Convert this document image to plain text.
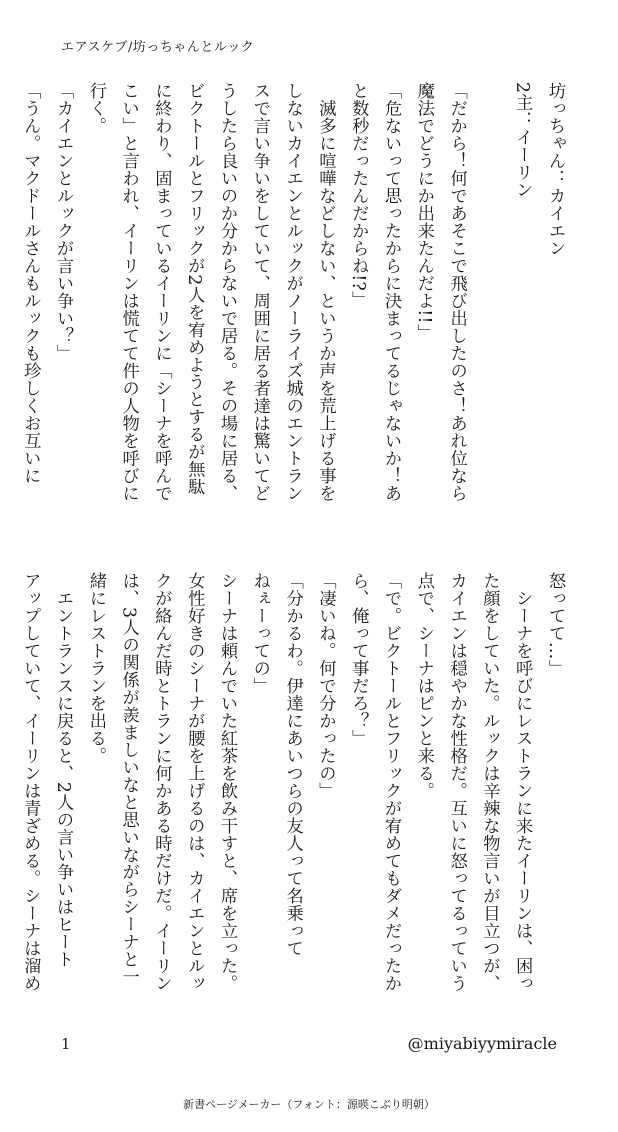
エアスケブ/坊っちゃんとルック
坊っちゃん：カイエン
2主：イーリン

「だから！何であそこで飛び出したのさ！あれ位なら
魔法でどうにか出来たんだよ!!」
「危ないって思ったからに決まってるじゃないか！あ
と数秒だったんだからね!?」
　滅多に喧嘩などしない、というか声を荒上げる事を
しないカイエンとルックがノーライズ城のエントラン
スで言い争いをしていて、周囲に居る者達は驚いてど
うしたら良いのか分からないで居る。その場に居る、
ビクトールとフリックが2人を宥めようとするが無駄
に終わり、固まっているイーリンに「シーナを呼んで
こい」と言われ、イーリンは慌てて件の人物を呼びに
行く。
「カイエンとルックが言い争い？」
「うん。マクドールさんもルックも珍しくお互いに
怒ってて…」
　シーナを呼びにレストランに来たイーリンは、困っ
た顔をしていた。ルックは辛辣な物言いが目立つが、
カイエンは穏やかな性格だ。互いに怒ってるっていう
点で、シーナはピンと来る。
「で。ビクトールとフリックが宥めてもダメだったか
ら、俺って事だろ？」
「凄いね。何で分かったの」
「分かるわ。伊達にあいつらの友人って名乗って
ねぇーっての」
シーナは頼んでいた紅茶を飲み干すと、席を立った。
女性好きのシーナが腰を上げるのは、カイエンとルッ
クが絡んだ時とトランに何かある時だけだ。イーリン
は、3人の関係が羨ましいなと思いながらシーナと一
緒にレストランを出る。
　エントランスに戻ると、2人の言い争いはヒート
アップしていて、イーリンは青ざめる。シーナは溜め
1	@miyabiyymiracle
新書ページメーカー（フォント：源暎こぶり明朝）
